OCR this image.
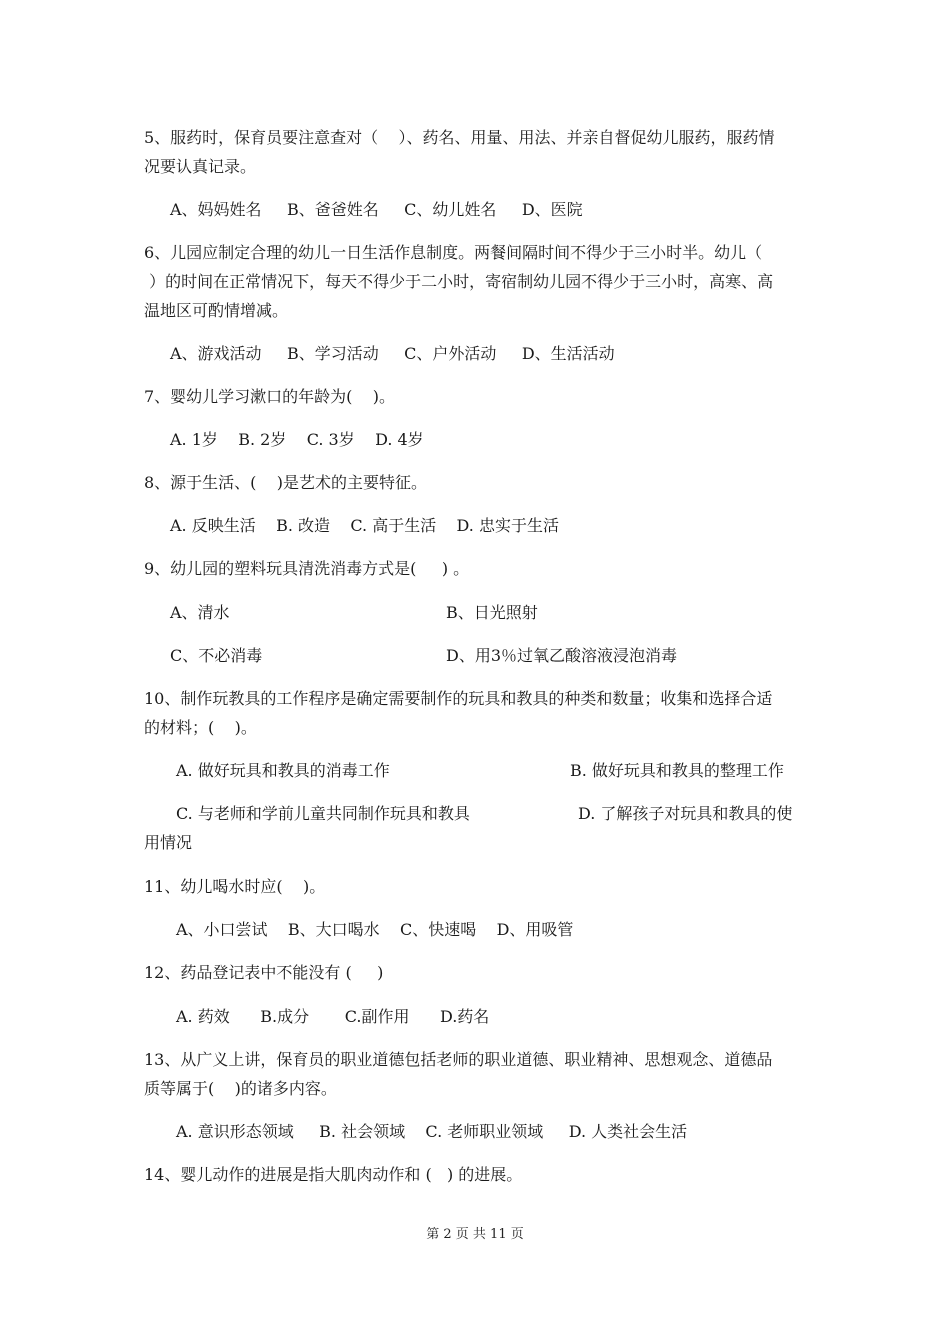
5、服药时，保育员要注意查对（    ）、药名、用量、用法、并亲自督促幼儿服药，服药情
况要认真记录。
A、妈妈姓名     B、爸爸姓名     C、幼儿姓名     D、医院
6、儿园应制定合理的幼儿一日生活作息制度。两餐间隔时间不得少于三小时半。幼儿（
）的时间在正常情况下，每天不得少于二小时，寄宿制幼儿园不得少于三小时，高寒、高
温地区可酌情增减。
A、游戏活动     B、学习活动     C、户外活动     D、生活活动
7、婴幼儿学习漱口的年龄为(    )。
A. 1岁    B. 2岁    C. 3岁    D. 4岁
8、源于生活、(    )是艺术的主要特征。
A. 反映生活    B. 改造    C. 高于生活    D. 忠实于生活
9、幼儿园的塑料玩具清洗消毒方式是(     ) 。
A、清水	B、日光照射
C、不必消毒	D、用3％过氧乙酸溶液浸泡消毒
10、制作玩教具的工作程序是确定需要制作的玩具和教具的种类和数量；收集和选择合适
的材料；(    )。
A. 做好玩具和教具的消毒工作	B. 做好玩具和教具的整理工作
C. 与老师和学前儿童共同制作玩具和教具	D. 了解孩子对玩具和教具的使
用情况
11、幼儿喝水时应(    )。
A、小口尝试    B、大口喝水    C、快速喝    D、用吸管
12、药品登记表中不能没有 (     )
A. 药效      B.成分       C.副作用      D.药名
13、从广义上讲，保育员的职业道德包括老师的职业道德、职业精神、思想观念、道德品
质等属于(    )的诸多内容。
A. 意识形态领域     B. 社会领域    C. 老师职业领域     D. 人类社会生活
14、婴儿动作的进展是指大肌肉动作和 (   ) 的进展。
第 2 页 共 11 页
